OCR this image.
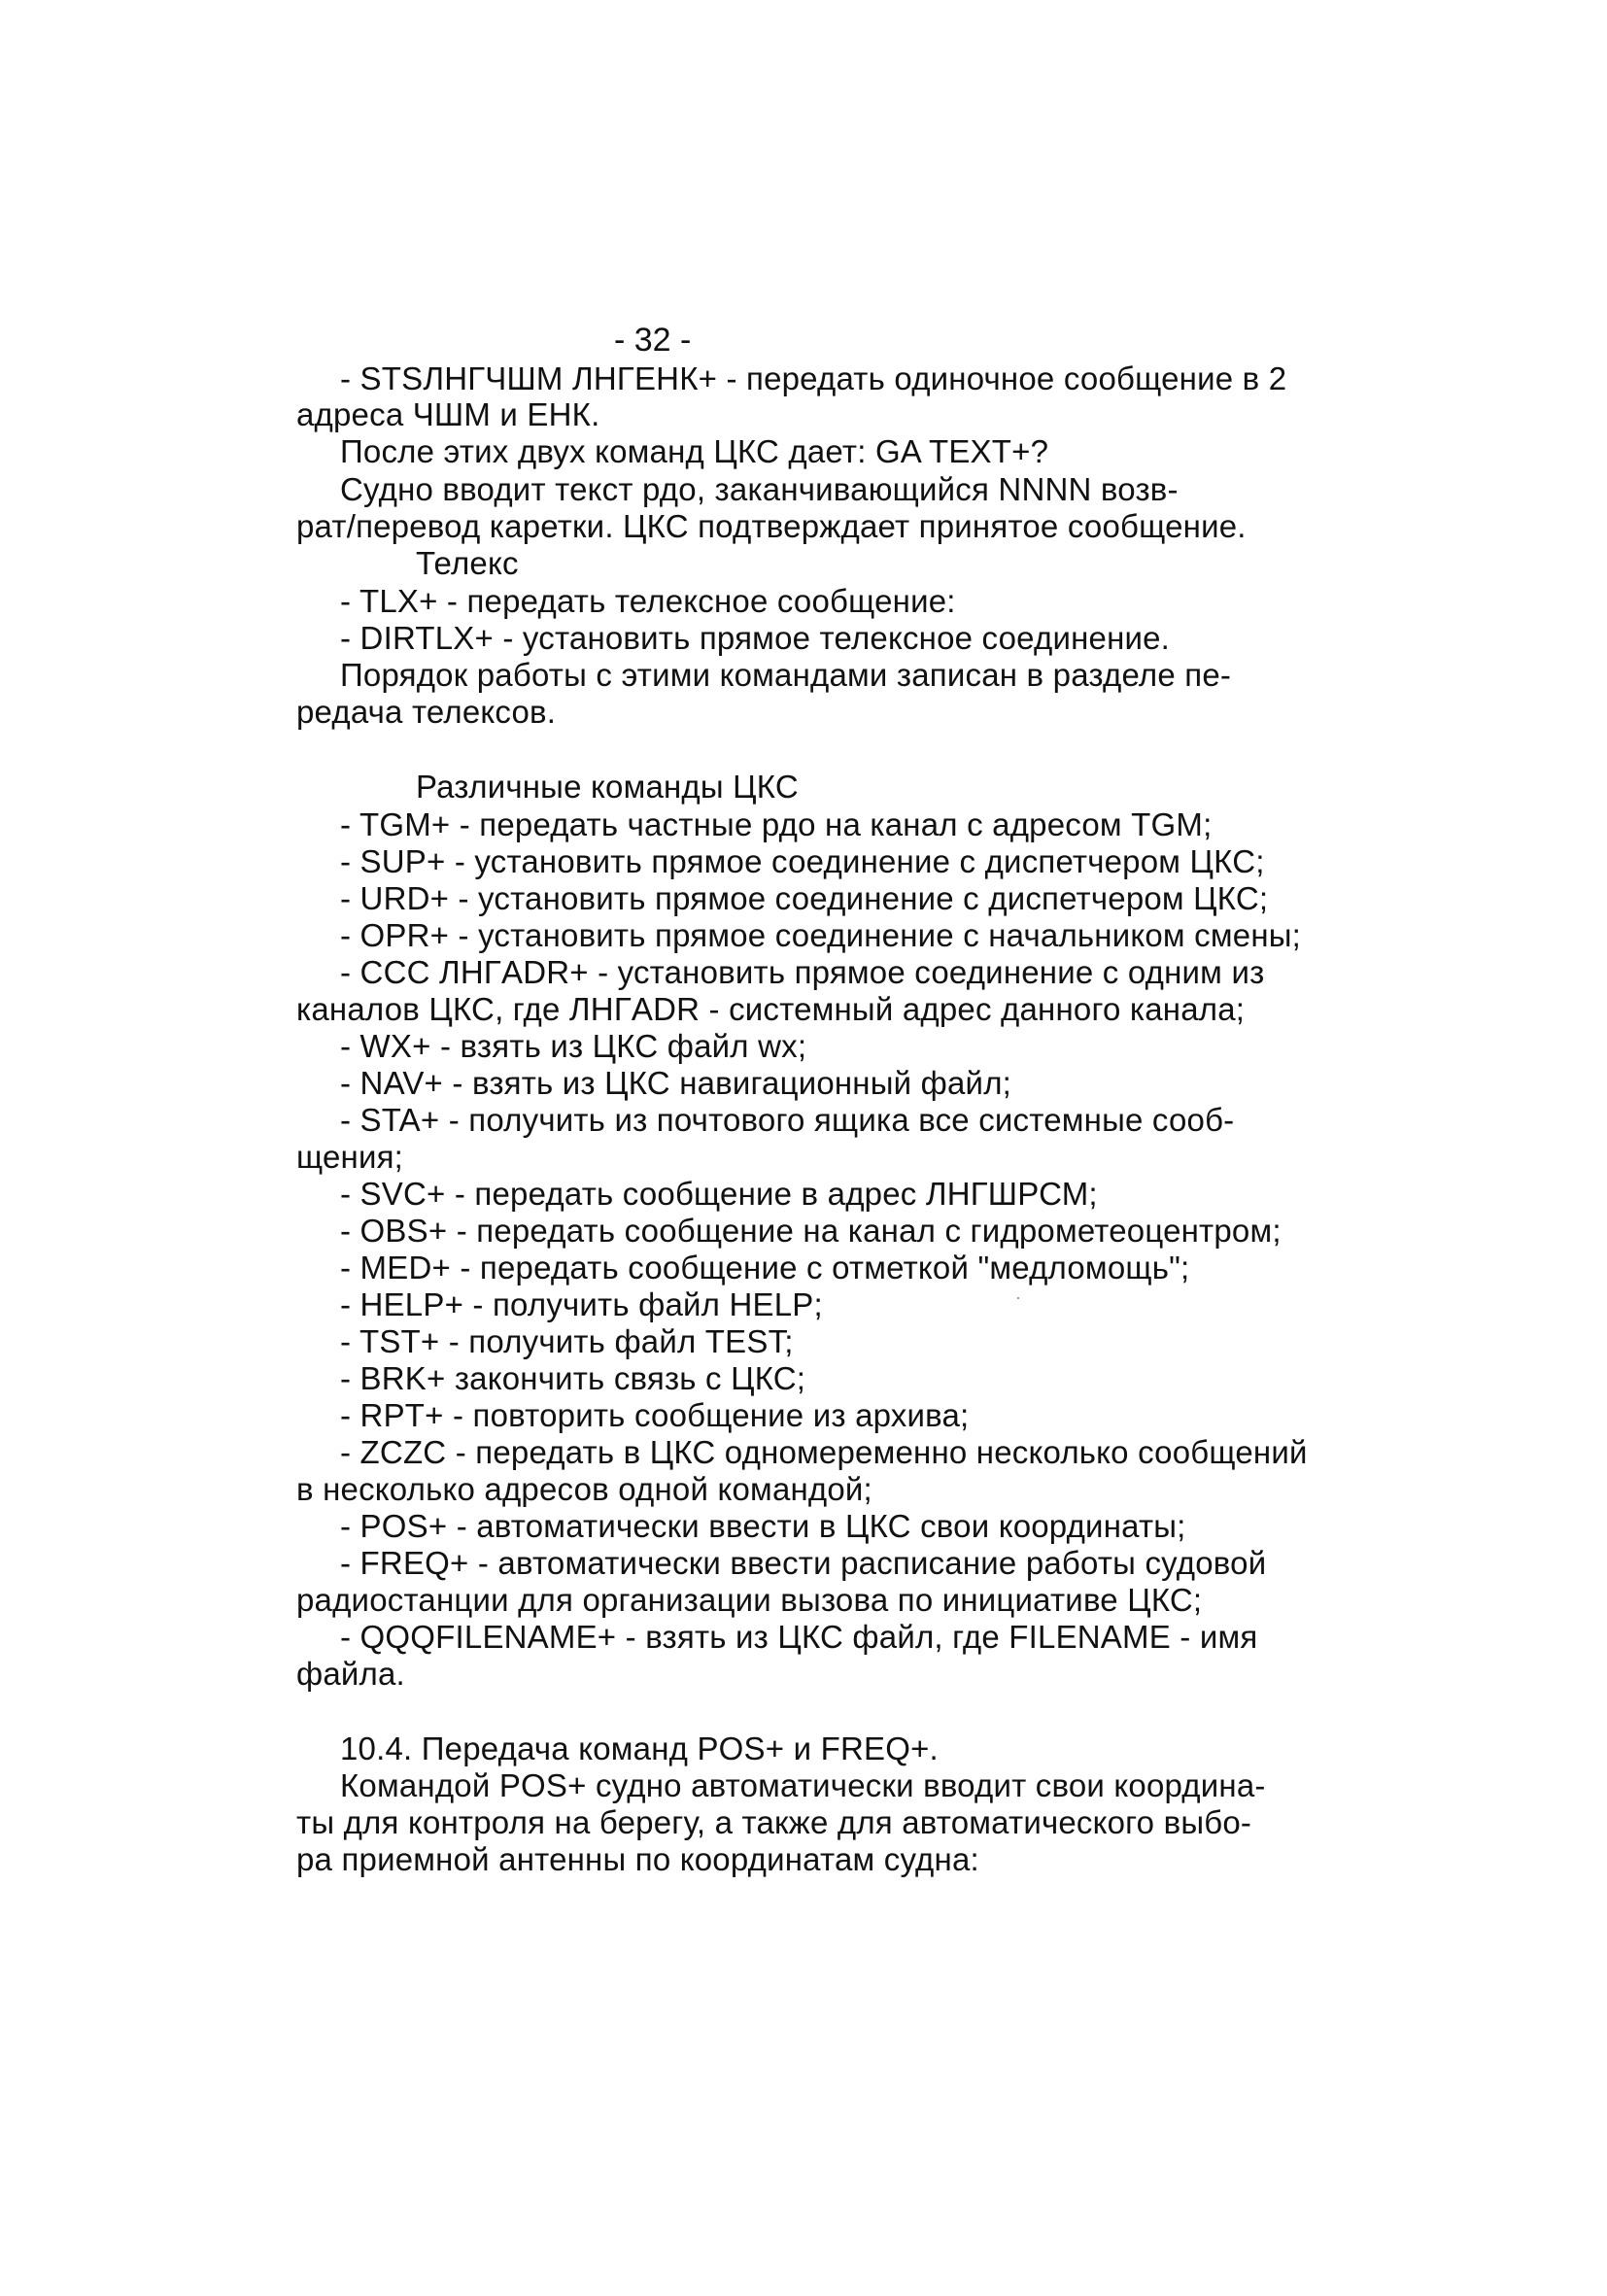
- 32 -
- STSЛНГЧШМ ЛНГЕНК+ - передать одиночное сообщение в 2
адреса ЧШМ и ЕНК.
После этих двух команд ЦКС дает: GA TEXT+?
Судно вводит текст рдо, заканчивающийся NNNN возв-
рат/перевод каретки. ЦКС подтверждает принятое сообщение.
Телекс
- TLX+ - передать телексное сообщение:
- DIRTLX+ - установить прямое телексное соединение.
Порядок работы с этими командами записан в разделе пе-
редача телексов.
Различные команды ЦКС
- TGM+ - передать частные рдо на канал с адресом TGM;
- SUP+ - установить прямое соединение с диспетчером ЦКС;
- URD+ - установить прямое соединение с диспетчером ЦКС;
- OPR+ - установить прямое соединение с начальником смены;
- CCC ЛНГADR+ - установить прямое соединение с одним из
каналов ЦКС, где ЛНГADR - системный адрес данного канала;
- WX+ - взять из ЦКС файл wx;
- NAV+ - взять из ЦКС навигационный файл;
- STA+ - получить из почтового ящика все системные сооб-
щения;
- SVC+ - передать сообщение в адрес ЛНГШРСМ;
- OBS+ - передать сообщение на канал с гидрометеоцентром;
- MED+ - передать сообщение с отметкой "медломощь";
- HELP+ - получить файл HELP;
- TST+ - получить файл TEST;
- BRK+ закончить связь с ЦКС;
- RPT+ - повторить сообщение из архива;
- ZCZC - передать в ЦКС одномеременно несколько сообщений
в несколько адресов одной командой;
- POS+ - автоматически ввести в ЦКС свои координаты;
- FREQ+ - автоматически ввести расписание работы судовой
радиостанции для организации вызова по инициативе ЦКС;
- QQQFILENAME+ - взять из ЦКС файл, где FILENAME - имя
файла.
10.4. Передача команд POS+ и FREQ+.
Командой POS+ судно автоматически вводит свои координа-
ты для контроля на берегу, а также для автоматического выбо-
ра приемной антенны по координатам судна:
